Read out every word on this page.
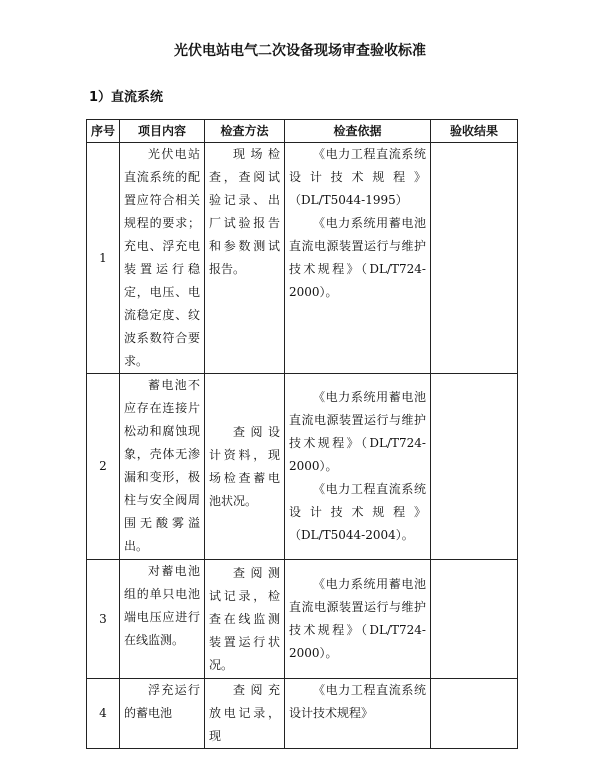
光伏电站电气二次设备现场审查验收标准
1）直流系统
序号	项目内容	检查方法	检查依据	验收结果
1	光伏电站直流系统的配置应符合相关规程的要求；充电、浮充电装置运行稳定，电压、电流稳定度、纹波系数符合要求。	现场检查，查阅试验记录、出厂试验报告和参数测试报告。	《电力工程直流系统设计技术规程》（DL/T5044-1995）

《电力系统用蓄电池直流电源装置运行与维护技术规程》（DL/T724-2000）。	

2	蓄电池不应存在连接片松动和腐蚀现象，壳体无渗漏和变形，极柱与安全阀周围无酸雾溢出。	查阅设计资料，现场检查蓄电池状况。	《电力系统用蓄电池直流电源装置运行与维护技术规程》（DL/T724-2000）。

《电力工程直流系统设计技术规程》（DL/T5044-2004）。	

3	对蓄电池组的单只电池端电压应进行在线监测。	查阅测试记录，检查在线监测装置运行状况。	《电力系统用蓄电池直流电源装置运行与维护技术规程》（DL/T724-2000）。	

4	浮充运行的蓄电池	查阅充放电记录，现	《电力工程直流系统设计技术规程》	
